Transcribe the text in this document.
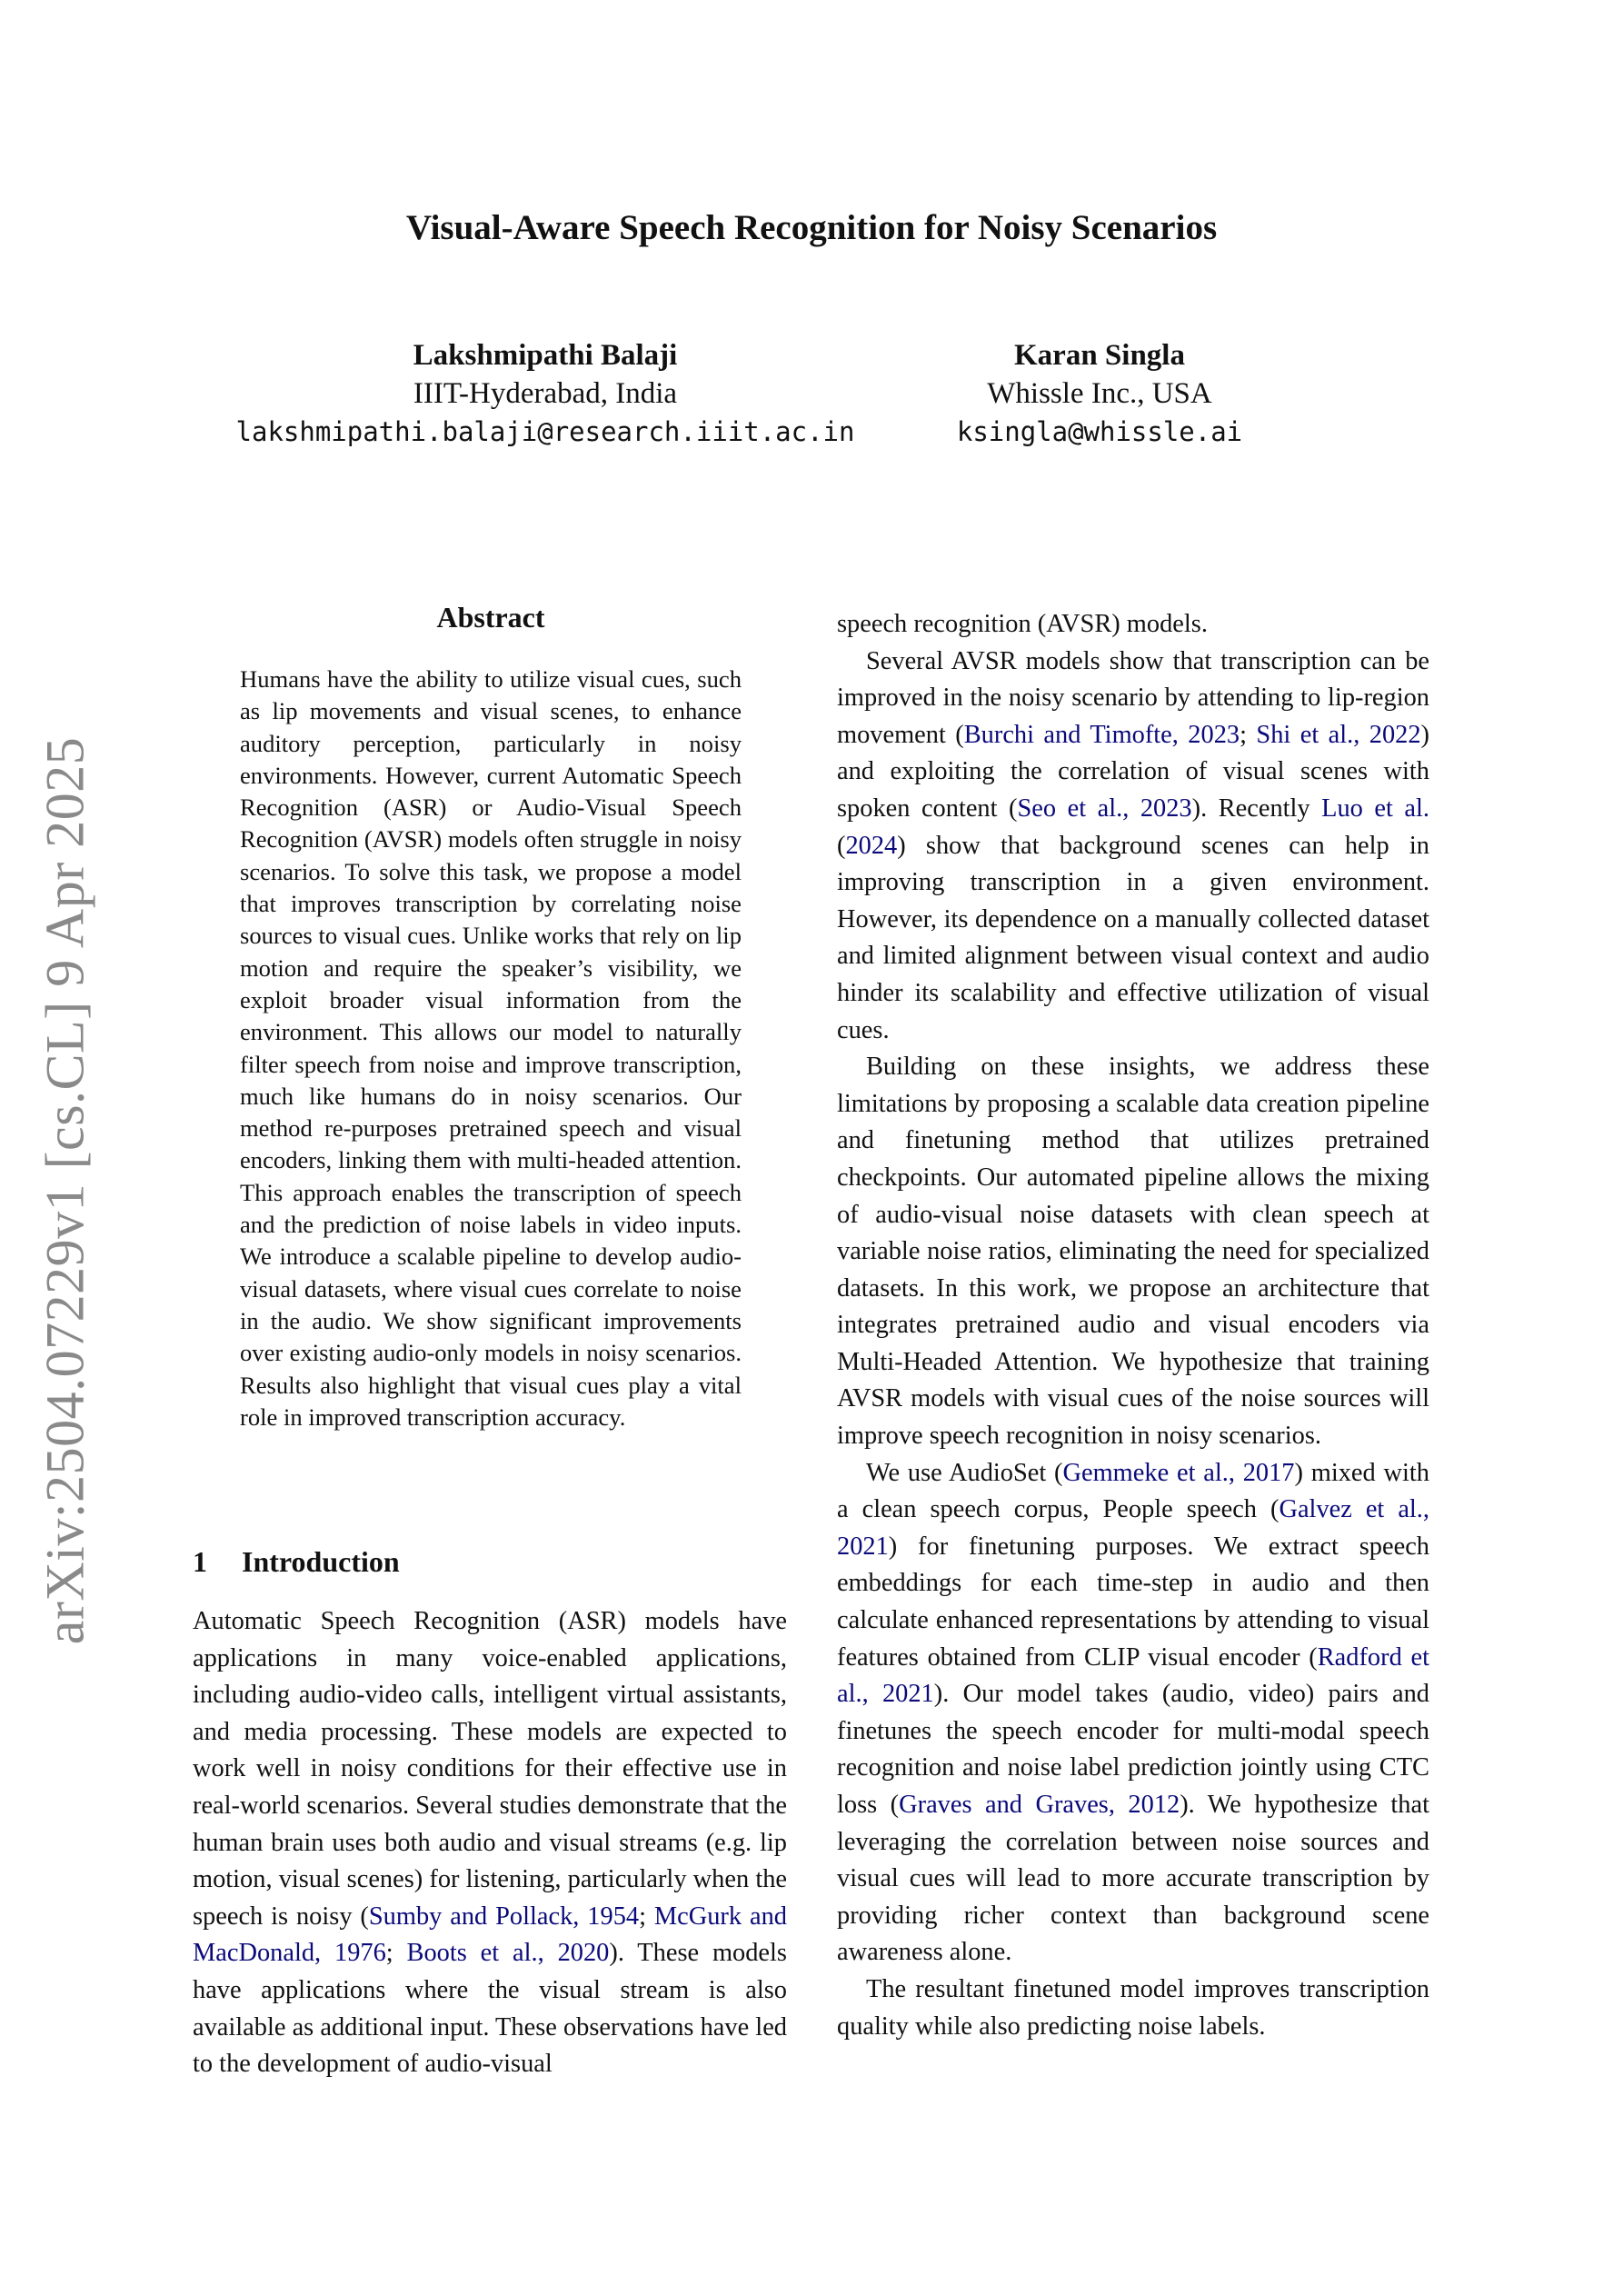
arXiv:2504.07229v1 [cs.CL] 9 Apr 2025
Visual-Aware Speech Recognition for Noisy Scenarios
Lakshmipathi Balaji
IIIT-Hyderabad, India
lakshmipathi.balaji@research.iiit.ac.in
Karan Singla
Whissle Inc., USA
ksingla@whissle.ai
Abstract

Humans have the ability to utilize visual cues, such as lip movements and visual scenes, to enhance auditory perception, particularly in noisy environments. However, current Automatic Speech Recognition (ASR) or Audio-Visual Speech Recognition (AVSR) models often struggle in noisy scenarios. To solve this task, we propose a model that improves transcription by correlating noise sources to visual cues. Unlike works that rely on lip motion and require the speaker’s visibility, we exploit broader visual information from the environment. This allows our model to naturally filter speech from noise and improve transcription, much like humans do in noisy scenarios. Our method re-purposes pretrained speech and visual encoders, linking them with multi-headed attention. This approach enables the transcription of speech and the prediction of noise labels in video inputs. We introduce a scalable pipeline to develop audio-visual datasets, where visual cues correlate to noise in the audio. We show significant improvements over existing audio-only models in noisy scenarios. Results also highlight that visual cues play a vital role in improved transcription accuracy.

1 Introduction

Automatic Speech Recognition (ASR) models have applications in many voice-enabled applications, including audio-video calls, intelligent virtual assistants, and media processing. These models are expected to work well in noisy conditions for their effective use in real-world scenarios. Several studies demonstrate that the human brain uses both audio and visual streams (e.g. lip motion, visual scenes) for listening, particularly when the speech is noisy (Sumby and Pollack, 1954; McGurk and MacDonald, 1976; Boots et al., 2020). These models have applications where the visual stream is also available as additional input. These observations have led to the development of audio-visual

speech recognition (AVSR) models.

Several AVSR models show that transcription can be improved in the noisy scenario by attending to lip-region movement (Burchi and Timofte, 2023; Shi et al., 2022) and exploiting the correlation of visual scenes with spoken content (Seo et al., 2023). Recently Luo et al. (2024) show that background scenes can help in improving transcription in a given environment. However, its dependence on a manually collected dataset and limited alignment between visual context and audio hinder its scalability and effective utilization of visual cues.

Building on these insights, we address these limitations by proposing a scalable data creation pipeline and finetuning method that utilizes pretrained checkpoints. Our automated pipeline allows the mixing of audio-visual noise datasets with clean speech at variable noise ratios, eliminating the need for specialized datasets. In this work, we propose an architecture that integrates pretrained audio and visual encoders via Multi-Headed Attention. We hypothesize that training AVSR models with visual cues of the noise sources will improve speech recognition in noisy scenarios.

We use AudioSet (Gemmeke et al., 2017) mixed with a clean speech corpus, People speech (Galvez et al., 2021) for finetuning purposes. We extract speech embeddings for each time-step in audio and then calculate enhanced representations by attending to visual features obtained from CLIP visual encoder (Radford et al., 2021). Our model takes (audio, video) pairs and finetunes the speech encoder for multi-modal speech recognition and noise label prediction jointly using CTC loss (Graves and Graves, 2012). We hypothesize that leveraging the correlation between noise sources and visual cues will lead to more accurate transcription by providing richer context than background scene awareness alone.

The resultant finetuned model improves transcription quality while also predicting noise labels.
